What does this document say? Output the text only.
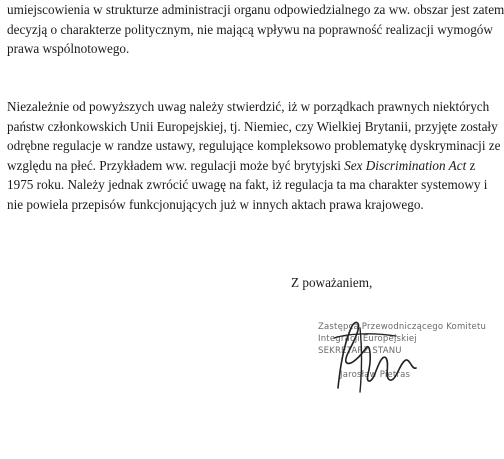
umiejscowienia w strukturze administracji organu odpowiedzialnego za ww. obszar jest zatem
decyzją o charakterze politycznym, nie mającą wpływu na poprawność realizacji wymogów
prawa wspólnotowego.
Niezależnie od powyższych uwag należy stwierdzić, iż w porządkach prawnych niektórych
państw członkowskich Unii Europejskiej, tj. Niemiec, czy Wielkiej Brytanii, przyjęte zostały
odrębne regulacje w randze ustawy, regulujące kompleksowo problematykę dyskryminacji ze
względu na płeć. Przykładem ww. regulacji może być brytyjski Sex Discrimination Act z
1975 roku. Należy jednak zwrócić uwagę na fakt, iż regulacja ta ma charakter systemowy i
nie powiela przepisów funkcjonujących już w innych aktach prawa krajowego.
Z poważaniem,
Zastępca Przewodniczącego Komitetu
Integracji Europejskiej
SEKRETARZ STANU
Jarosław Pietras
